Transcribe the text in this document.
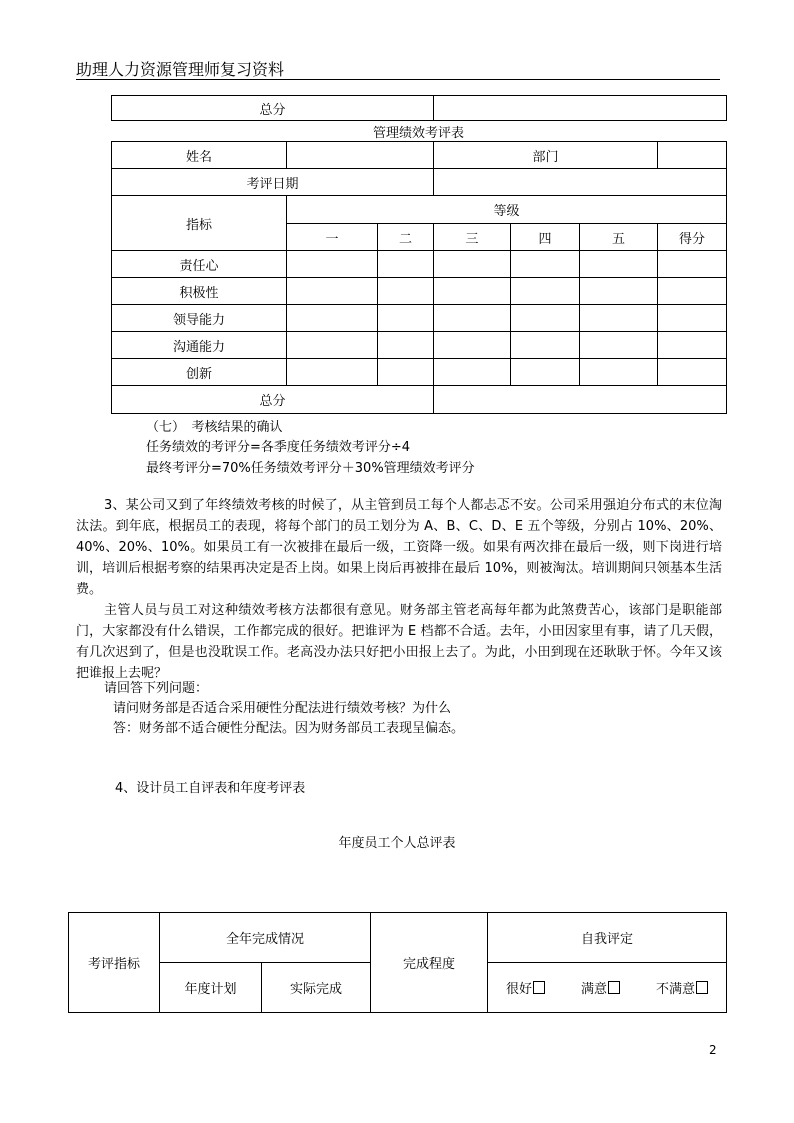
助理人力资源管理师复习资料
总分	
管理绩效考评表
姓名			部门			
考评日期						
指标	等级					
	一	二	三	四	五	得分
责任心						
积极性						
领导能力						
沟通能力						
创新						
总分						
（七）　考核结果的确认
任务绩效的考评分=各季度任务绩效考评分÷4
最终考评分=70%任务绩效考评分＋30%管理绩效考评分

3、某公司又到了年终绩效考核的时候了，从主管到员工每个人都忐忑不安。公司采用强迫分布式的末位淘汰法。到年底，根据员工的表现，将每个部门的员工划分为 A、B、C、D、E 五个等级，分别占 10%、20%、40%、20%、10%。如果员工有一次被排在最后一级，工资降一级。如果有两次排在最后一级，则下岗进行培训，培训后根据考察的结果再决定是否上岗。如果上岗后再被排在最后 10%，则被淘汰。培训期间只领基本生活费。

主管人员与员工对这种绩效考核方法都很有意见。财务部主管老高每年都为此煞费苦心，该部门是职能部门，大家都没有什么错误，工作都完成的很好。把谁评为 E 档都不合适。去年，小田因家里有事，请了几天假，有几次迟到了，但是也没耽误工作。老高没办法只好把小田报上去了。为此，小田到现在还耿耿于怀。今年又该把谁报上去呢？

请回答下列问题：
请问财务部是否适合采用硬性分配法进行绩效考核？为什么
答：财务部不适合硬性分配法。因为财务部员工表现呈偏态。
4、设计员工自评表和年度考评表
年度员工个人总评表
考评指标	全年完成情况		完成程度	自我评定
	年度计划	实际完成		很好 满意 不满意
2
